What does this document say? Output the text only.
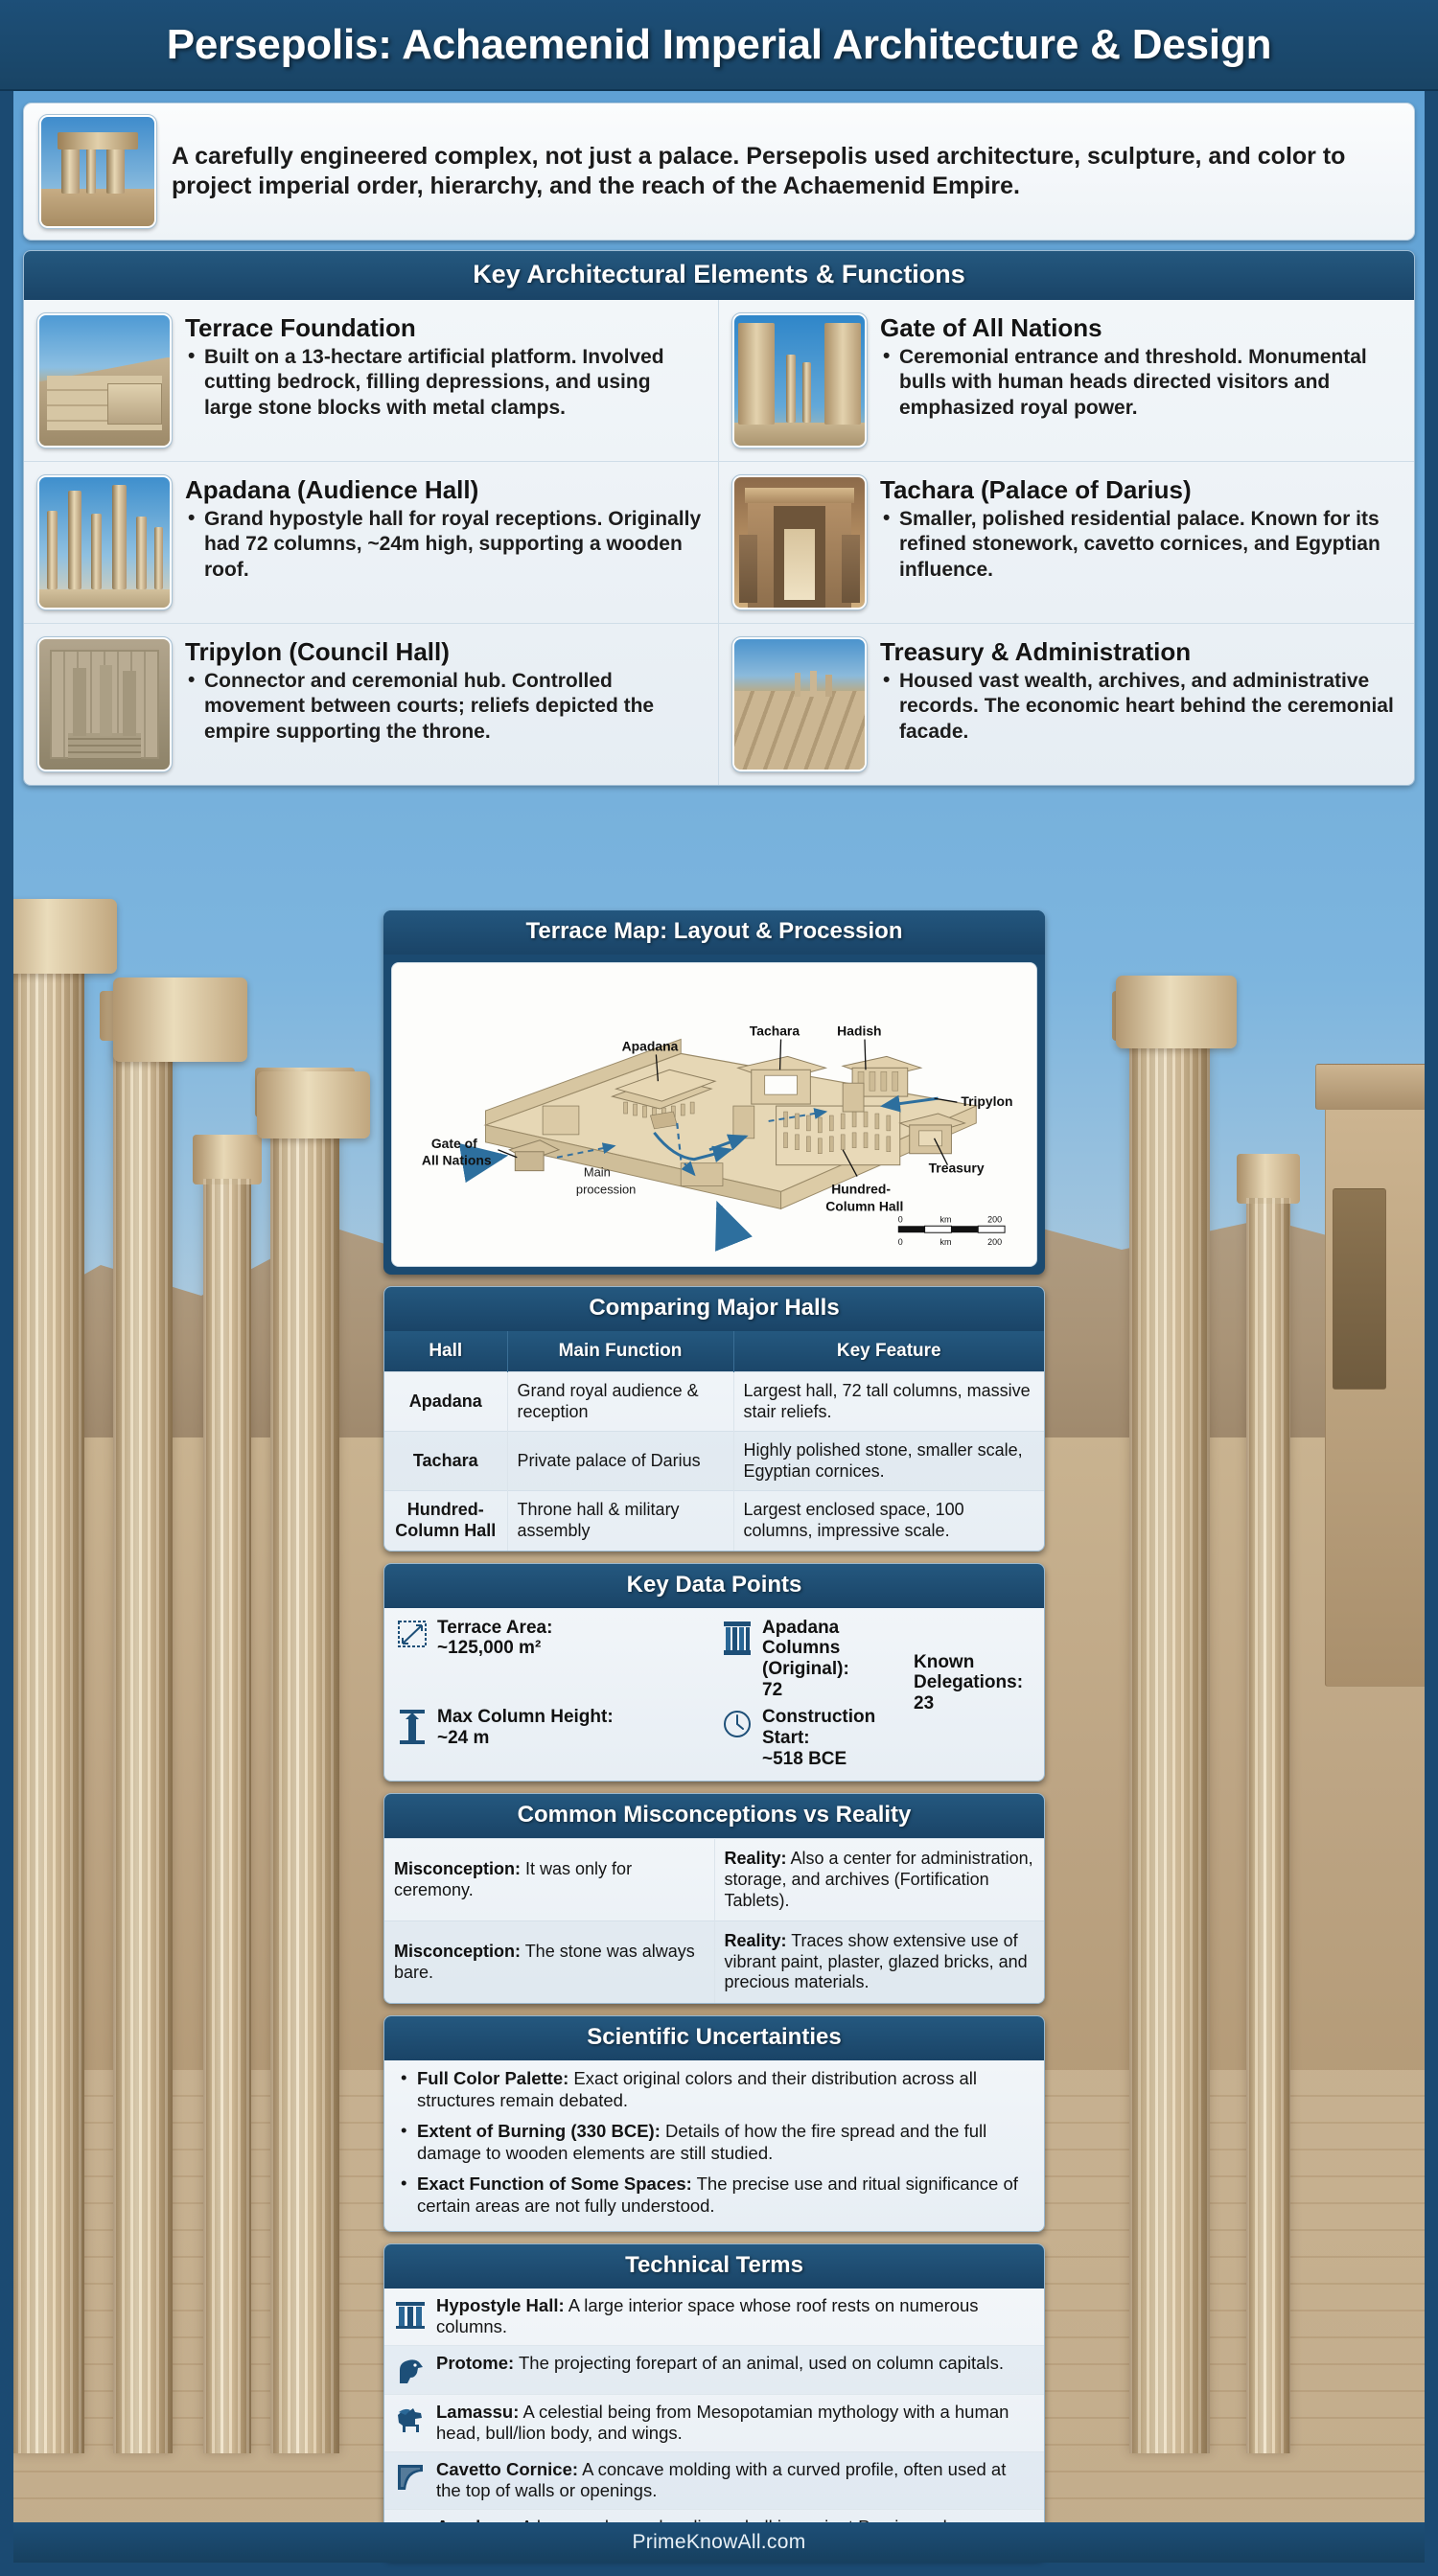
Persepolis: Achaemenid Imperial Architecture & Design

A carefully engineered complex, not just a palace. Persepolis used architecture, sculpture, and color to project imperial order, hierarchy, and the reach of the Achaemenid Empire.

Key Architectural Elements & Functions
Terrace Foundation
• Built on a 13-hectare artificial platform. Involved cutting bedrock, filling depressions, and using large stone blocks with metal clamps.
Gate of All Nations
• Ceremonial entrance and threshold. Monumental bulls with human heads directed visitors and emphasized royal power.
Apadana (Audience Hall)
• Grand hypostyle hall for royal receptions. Originally had 72 columns, ~24m high, supporting a wooden roof.
Tachara (Palace of Darius)
• Smaller, polished residential palace. Known for its refined stonework, cavetto cornices, and Egyptian influence.
Tripylon (Council Hall)
• Connector and ceremonial hub. Controlled movement between courts; reliefs depicted the empire supporting the throne.
Treasury & Administration
• Housed vast wealth, archives, and administrative records. The economic heart behind the ceremonial facade.
Terrace Map: Layout & Procession
Apadana
Tachara	Hadish
Tripylon
Gate of
All Nations	Treasury
Hundred-
Column Hall
Main
procession
0	km	200
0	km	200
Comparing Major Halls
Hall	Main Function	Key Feature
Apadana	Grand royal audience & reception	Largest hall, 72 tall columns, massive stair reliefs.
Tachara	Private palace of Darius	Highly polished stone, smaller scale, Egyptian cornices.
Hundred-Column Hall	Throne hall & military assembly	Largest enclosed space, 100 columns, impressive scale.
Key Data Points
Terrace Area:
~125,000 m²
Apadana Columns (Original):
72
Max Column Height:
~24 m
Construction Start:
~518 BCE
Known
Delegations:
23
Common Misconceptions vs Reality
Misconception: It was only for ceremony.	Reality: Also a center for administration, storage, and archives (Fortification Tablets).
Misconception: The stone was always bare.	Reality: Traces show extensive use of vibrant paint, plaster, glazed bricks, and precious materials.
Scientific Uncertainties
• Full Color Palette: Exact original colors and their distribution across all structures remain debated.
• Extent of Burning (330 BCE): Details of how the fire spread and the full damage to wooden elements are still studied.
• Exact Function of Some Spaces: The precise use and ritual significance of certain areas are not fully understood.
Technical Terms
Hypostyle Hall: A large interior space whose roof rests on numerous columns.
Protome: The projecting forepart of an animal, used on column capitals.
Lamassu: A celestial being from Mesopotamian mythology with a human head, bull/lion body, and wings.
Cavetto Cornice: A concave molding with a curved profile, often used at the top of walls or openings.
PrimeKnowAll.com
